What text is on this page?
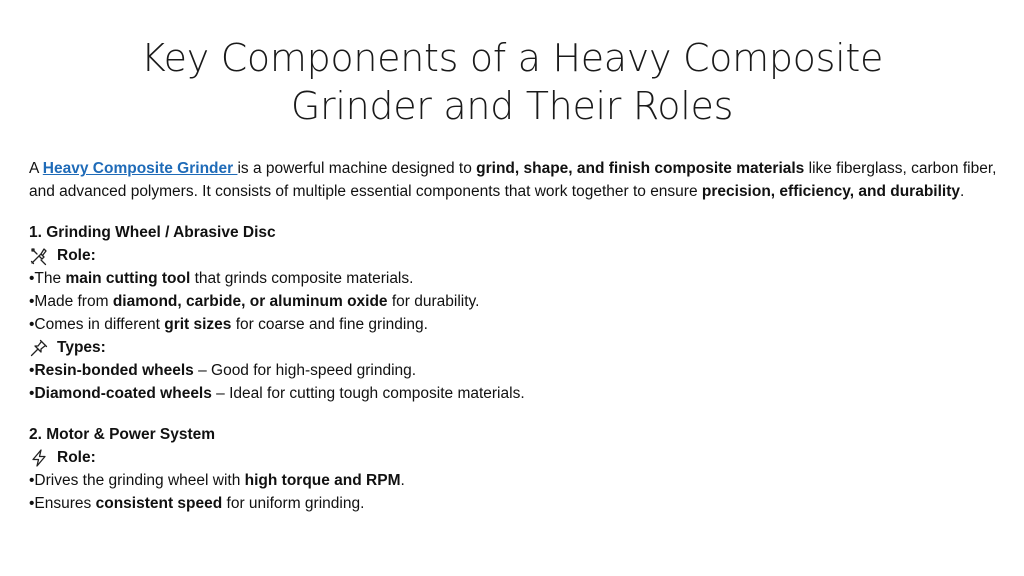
Key Components of a Heavy Composite
Grinder and Their Roles

A Heavy Composite Grinder is a powerful machine designed to grind, shape, and finish composite materials like fiberglass, carbon fiber, and advanced polymers. It consists of multiple essential components that work together to ensure precision, efficiency, and durability.

1. Grinding Wheel / Abrasive Disc
Role:
•The main cutting tool that grinds composite materials.
•Made from diamond, carbide, or aluminum oxide for durability.
•Comes in different grit sizes for coarse and fine grinding.
Types:
•Resin-bonded wheels – Good for high-speed grinding.
•Diamond-coated wheels – Ideal for cutting tough composite materials.
2. Motor & Power System
Role:
•Drives the grinding wheel with high torque and RPM.
•Ensures consistent speed for uniform grinding.
